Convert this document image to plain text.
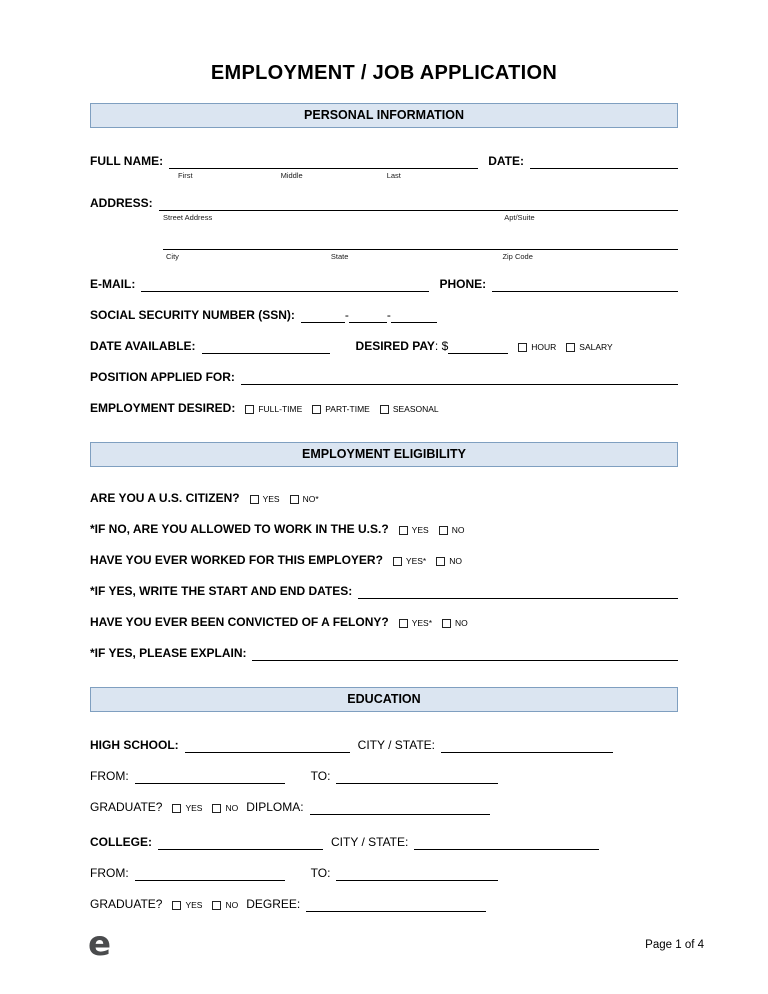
EMPLOYMENT / JOB APPLICATION
PERSONAL INFORMATION
FULL NAME:	DATE:
First	Middle	Last
ADDRESS:
Street Address	Apt/Suite
City	State	Zip Code
E-MAIL:	PHONE:
SOCIAL SECURITY NUMBER (SSN):	-	-
DATE AVAILABLE:	DESIRED PAY : $	HOUR	SALARY
POSITION APPLIED FOR:
EMPLOYMENT DESIRED:	FULL-TIME	PART-TIME	SEASONAL
EMPLOYMENT ELIGIBILITY
ARE YOU A U.S. CITIZEN?	YES	NO*
*IF NO, ARE YOU ALLOWED TO WORK IN THE U.S.?	YES	NO
HAVE YOU EVER WORKED FOR THIS EMPLOYER?	YES*	NO
*IF YES, WRITE THE START AND END DATES:
HAVE YOU EVER BEEN CONVICTED OF A FELONY?	YES*	NO
*IF YES, PLEASE EXPLAIN:
EDUCATION
HIGH SCHOOL:	CITY / STATE:
FROM:	TO:
GRADUATE?	YES	NO DIPLOMA:
COLLEGE:	CITY / STATE:
FROM:	TO:
GRADUATE?	YES	NO DEGREE:
e	Page 1 of 4
